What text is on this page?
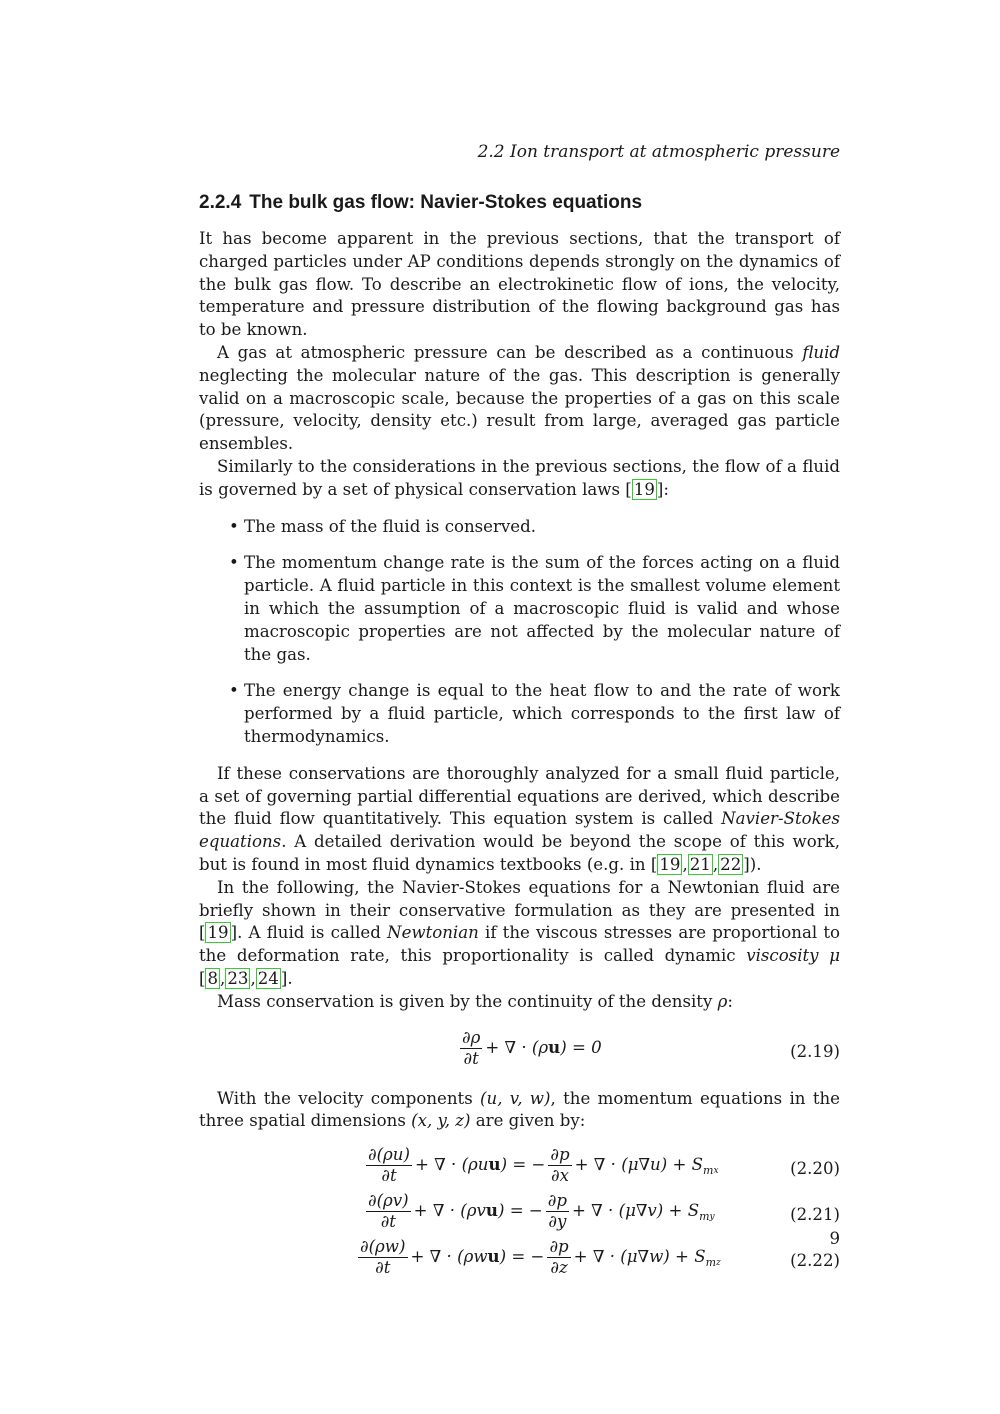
2.2 Ion transport at atmospheric pressure
2.2.4 The bulk gas flow: Navier-Stokes equations

It has become apparent in the previous sections, that the transport of charged particles under AP conditions depends strongly on the dynamics of the bulk gas flow. To describe an electrokinetic flow of ions, the velocity, temperature and pressure distribution of the flowing background gas has to be known.

A gas at atmospheric pressure can be described as a continuous fluid neglecting the molecular nature of the gas. This description is generally valid on a macroscopic scale, because the properties of a gas on this scale (pressure, velocity, density etc.) result from large, averaged gas particle ensembles.

Similarly to the considerations in the previous sections, the flow of a fluid is governed by a set of physical conservation laws [ 19 ]:

• The mass of the fluid is conserved.
• The momentum change rate is the sum of the forces acting on a fluid particle. A fluid particle in this context is the smallest volume element in which the assumption of a macroscopic fluid is valid and whose macroscopic properties are not affected by the molecular nature of the gas.
• The energy change is equal to the heat flow to and the rate of work performed by a fluid particle, which corresponds to the first law of thermodynamics.

If these conservations are thoroughly analyzed for a small fluid particle, a set of governing partial differential equations are derived, which describe the fluid flow quantitatively. This equation system is called Navier-Stokes equations. A detailed derivation would be beyond the scope of this work, but is found in most fluid dynamics textbooks (e.g. in [ 19 , 21 , 22 ]).

In the following, the Navier-Stokes equations for a Newtonian fluid are briefly shown in their conservative formulation as they are presented in [ 19 ]. A fluid is called Newtonian if the viscous stresses are proportional to the deformation rate, this proportionality is called dynamic viscosity μ [ 8 , 23 , 24 ].

Mass conservation is given by the continuity of the density ρ:

$\frac{\partial\rho}{\partial t}$ + ∇ · (ρu) = 0	(2.19)

With the velocity components (u, v, w), the momentum equations in the three spatial dimensions (x, y, z) are given by:

$\frac{\partial(\rho u)}{\partial t}$ + ∇ · (ρuu) = − $\frac{\partial p}{\partial x}$ + ∇ · $(\mu\nabla u) + S_mx$	(2.20)
$\frac{\partial(\rho v)}{\partial t}$ + ∇ · (ρvu) = − $\frac{\partial p}{\partial y}$ + ∇ · $(\mu\nabla v) + S_my$	(2.21)
$\frac{\partial(\rho w)}{\partial t}$ + ∇ · (ρwu) = − $\frac{\partial p}{\partial z}$ + ∇ · $(\mu\nabla w) + S_mz$	(2.22)
9
